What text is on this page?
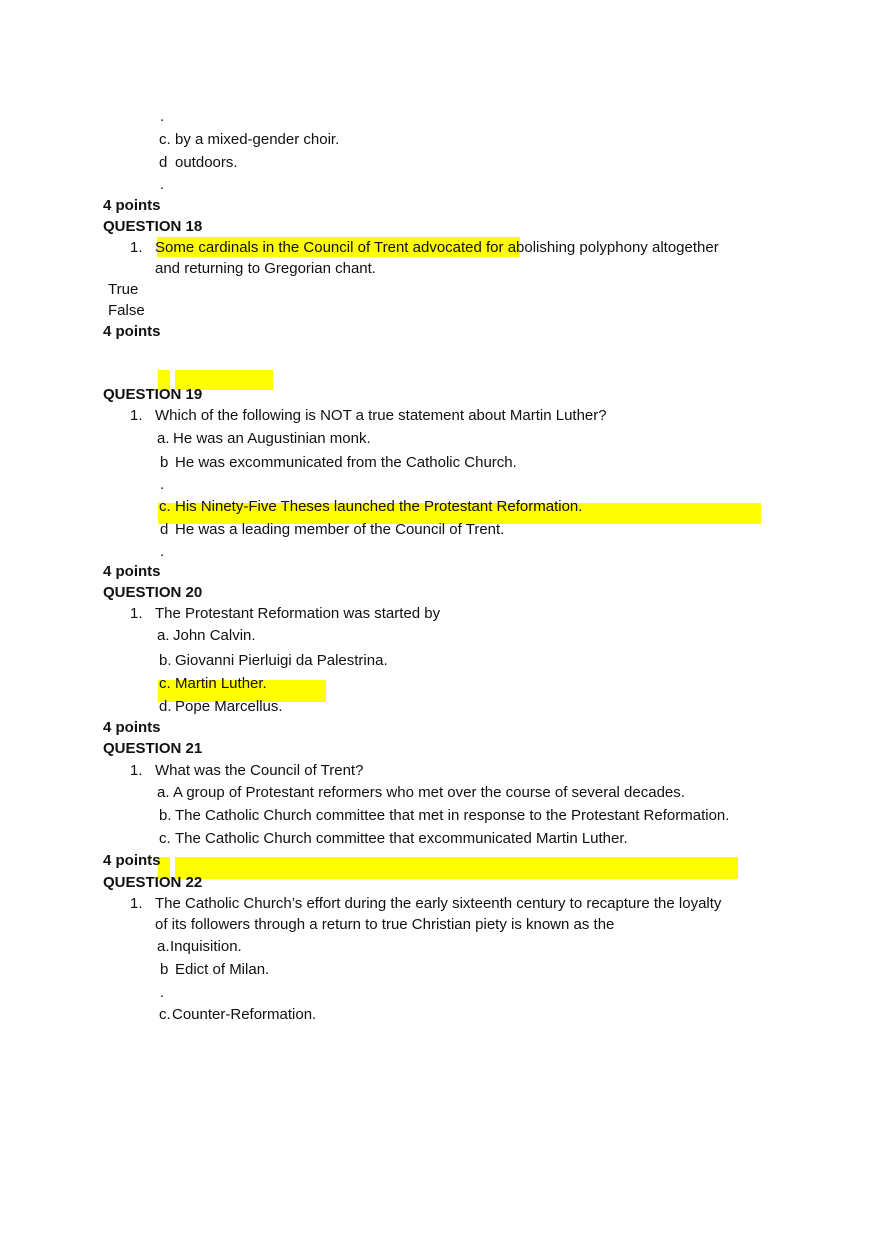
.
c. by a mixed-gender choir.
d outdoors.
.
4 points
QUESTION 18
1. Some cardinals in the Council of Trent advocated for abolishing polyphony altogether
and returning to Gregorian chant.
True
False
4 points
QUESTION 19
1. Which of the following is NOT a true statement about Martin Luther?
a. He was an Augustinian monk.
b He was excommunicated from the Catholic Church.
.
c. His Ninety-Five Theses launched the Protestant Reformation.
d He was a leading member of the Council of Trent.
.
4 points
QUESTION 20
1. The Protestant Reformation was started by
a. John Calvin.
b. Giovanni Pierluigi da Palestrina.
c. Martin Luther.
d. Pope Marcellus.
4 points
QUESTION 21
1. What was the Council of Trent?
a. A group of Protestant reformers who met over the course of several decades.
b. The Catholic Church committee that met in response to the Protestant Reformation.
c. The Catholic Church committee that excommunicated Martin Luther.
4 points
QUESTION 22
1. The Catholic Church’s effort during the early sixteenth century to recapture the loyalty
of its followers through a return to true Christian piety is known as the
a. Inquisition.
b Edict of Milan.
.
c. Counter-Reformation.
